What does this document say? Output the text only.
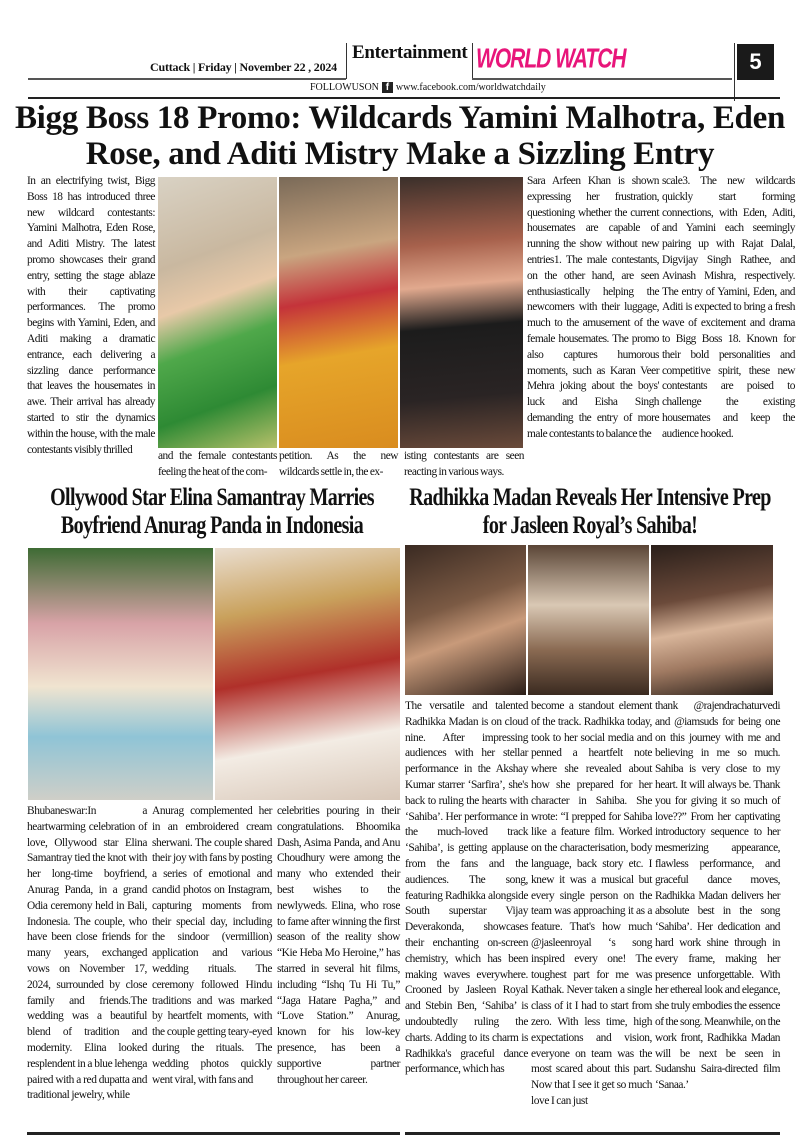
Cuttack | Friday | November 22 , 2024
Entertainment WORLD WATCH	5
FOLLOWUSON f www.facebook.com/worldwatchdaily
Bigg Boss 18 Promo: Wildcards Yamini Malhotra, Eden Rose, and Aditi Mistry Make a Sizzling Entry
In an electrifying twist, Bigg Boss 18 has introduced three new wildcard contestants: Yamini Malhotra, Eden Rose, and Aditi Mistry. The latest promo showcases their grand entry, setting the stage ablaze with their captivating performances. The promo begins with Yamini, Eden, and Aditi making a dramatic entrance, each delivering a sizzling dance performance that leaves the housemates in awe. Their arrival has already started to stir the dynamics within the house, with the male contestants visibly thrilled
and the female contestants feeling the heat of the com-
petition. As the new wildcards settle in, the ex-
isting contestants are seen reacting in various ways.
Sara Arfeen Khan is shown expressing her frustration, questioning whether the current housemates are capable of running the show without new entries1. The male contestants, on the other hand, are seen enthusiastically helping the newcomers with their luggage, much to the amusement of the female housemates. The promo also captures humorous moments, such as Karan Veer Mehra joking about the boys' luck and Eisha Singh demanding the entry of more male contestants to balance the
scale3. The new wildcards quickly start forming connections, with Eden, Aditi, and Yamini each seemingly pairing up with Rajat Dalal, Digvijay Singh Rathee, and Avinash Mishra, respectively. The entry of Yamini, Eden, and Aditi is expected to bring a fresh wave of excitement and drama to Bigg Boss 18. Known for their bold personalities and competitive spirit, these new contestants are poised to challenge the existing housemates and keep the audience hooked.
Ollywood Star Elina Samantray Marries Boyfriend Anurag Panda in Indonesia
Bhubaneswar:In a heartwarming celebration of love, Ollywood star Elina Samantray tied the knot with her long-time boyfriend, Anurag Panda, in a grand Odia ceremony held in Bali, Indonesia. The couple, who have been close friends for many years, exchanged vows on November 17, 2024, surrounded by close family and friends.The wedding was a beautiful blend of tradition and modernity. Elina looked resplendent in a blue lehenga paired with a red dupatta and traditional jewelry, while
Anurag complemented her in an embroidered cream sherwani. The couple shared their joy with fans by posting a series of emotional and candid photos on Instagram, capturing moments from their special day, including the sindoor (vermillion) application and various wedding rituals. The ceremony followed Hindu traditions and was marked by heartfelt moments, with the couple getting teary-eyed during the rituals. The wedding photos quickly went viral, with fans and
celebrities pouring in their congratulations. Bhoomika Dash, Asima Panda, and Anu Choudhury were among the many who extended their best wishes to the newlyweds. Elina, who rose to fame after winning the first season of the reality show “Kie Heba Mo Heroine,” has starred in several hit films, including “Ishq Tu Hi Tu,” “Jaga Hatare Pagha,” and “Love Station.” Anurag, known for his low-key presence, has been a supportive partner throughout her career.
Radhikka Madan Reveals Her Intensive Prep for Jasleen Royal’s Sahiba!
The versatile and talented Radhikka Madan is on cloud nine. After impressing audiences with her stellar performance in the Akshay Kumar starrer ‘Sarfira’, she's back to ruling the hearts with ‘Sahiba’. Her performance in the much-loved track ‘Sahiba’, is getting applause from the fans and the audiences. The song, featuring Radhikka alongside South superstar Vijay Deverakonda, showcases their enchanting on-screen chemistry, which has been making waves everywhere. Crooned by Jasleen Royal and Stebin Ben, ‘Sahiba’ is undoubtedly ruling the charts. Adding to its charm is Radhikka's graceful dance performance, which has
become a standout element of the track. Radhikka today, took to her social media and penned a heartfelt note where she revealed about how she prepared for her character in Sahiba. She wrote: “I prepped for Sahiba like a feature film. Worked on the characterisation, body language, back story etc. I knew it was a musical but every single person on the team was approaching it as a feature. That's how much @jasleenroyal ‘s song inspired every one! The toughest part for me was Kathak. Never taken a single class of it I had to start from zero. With less time, high expectations and vision, everyone on team was the most scared about this part. Now that I see it get so much love I can just
thank @rajendrachaturvedi and @iamsuds for being one on this journey with me and believing in me so much. Sahiba is very close to my heart. It will always be. Thank you for giving it so much of love??” From her captivating introductory sequence to her mesmerizing appearance, flawless performance, and graceful dance moves, Radhikka Madan delivers her absolute best in the song ‘Sahiba’. Her dedication and hard work shine through in every frame, making her presence unforgettable. With her ethereal look and elegance, she truly embodies the essence of the song. Meanwhile, on the work front, Radhikka Madan will be next be seen in Sudanshu Saira-directed film ‘Sanaa.’
